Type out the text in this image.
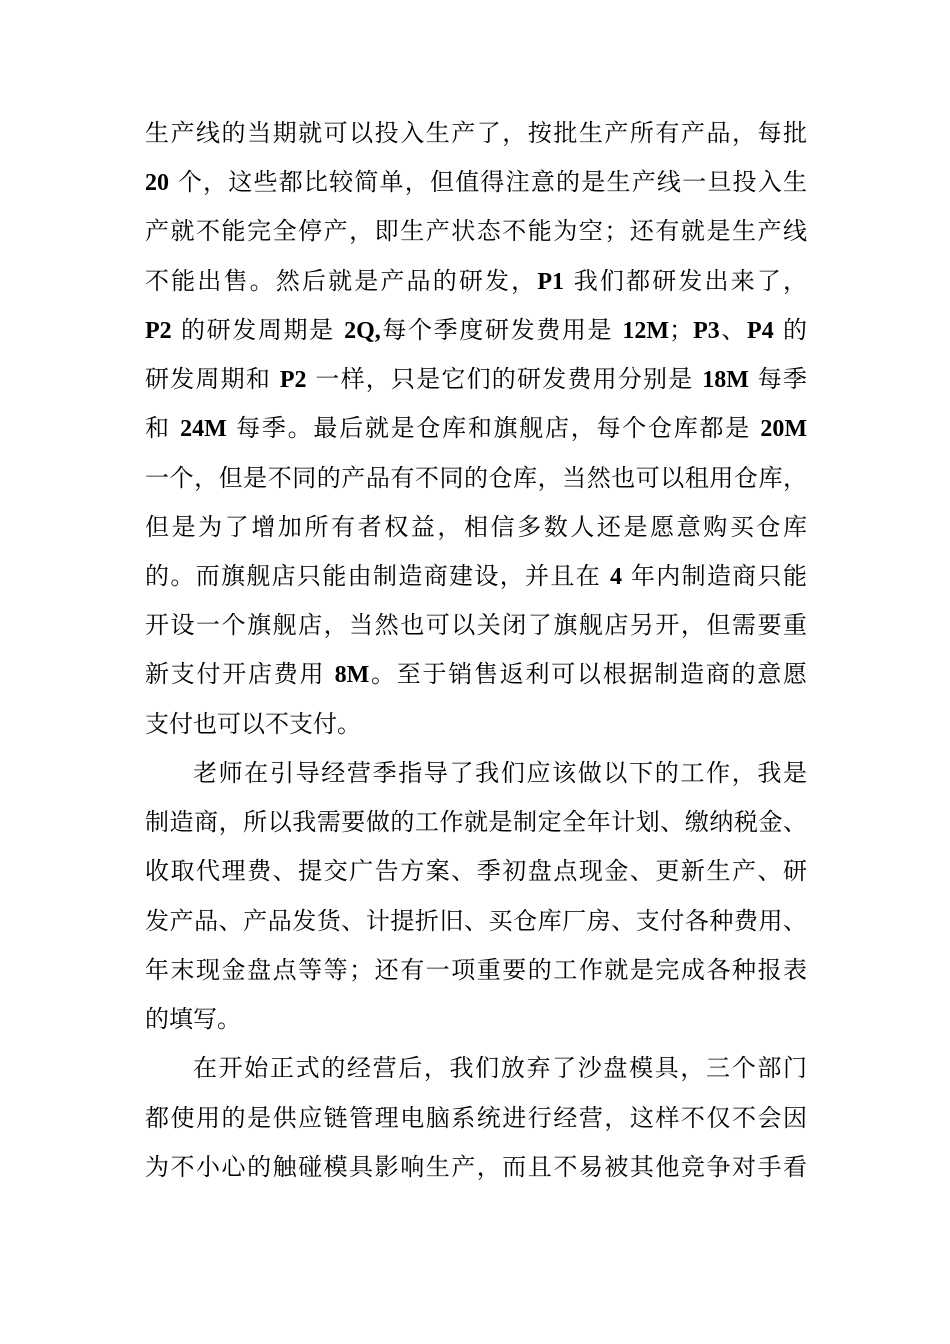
生产线的当期就可以投入生产了，按批生产所有产品，每批
20 个，这些都比较简单，但值得注意的是生产线一旦投入生
产就不能完全停产，即生产状态不能为空；还有就是生产线
不能出售。然后就是产品的研发，P1 我们都研发出来了，
P2 的研发周期是 2Q,每个季度研发费用是 12M；P3、P4 的
研发周期和 P2 一样，只是它们的研发费用分别是 18M 每季
和 24M 每季。最后就是仓库和旗舰店，每个仓库都是 20M
一个，但是不同的产品有不同的仓库，当然也可以租用仓库，
但是为了增加所有者权益，相信多数人还是愿意购买仓库
的。而旗舰店只能由制造商建设，并且在 4 年内制造商只能
开设一个旗舰店，当然也可以关闭了旗舰店另开，但需要重
新支付开店费用 8M。至于销售返利可以根据制造商的意愿
支付也可以不支付。
老师在引导经营季指导了我们应该做以下的工作，我是
制造商，所以我需要做的工作就是制定全年计划、缴纳税金、
收取代理费、提交广告方案、季初盘点现金、更新生产、研
发产品、产品发货、计提折旧、买仓库厂房、支付各种费用、
年末现金盘点等等；还有一项重要的工作就是完成各种报表
的填写。
在开始正式的经营后，我们放弃了沙盘模具，三个部门
都使用的是供应链管理电脑系统进行经营，这样不仅不会因
为不小心的触碰模具影响生产，而且不易被其他竞争对手看
